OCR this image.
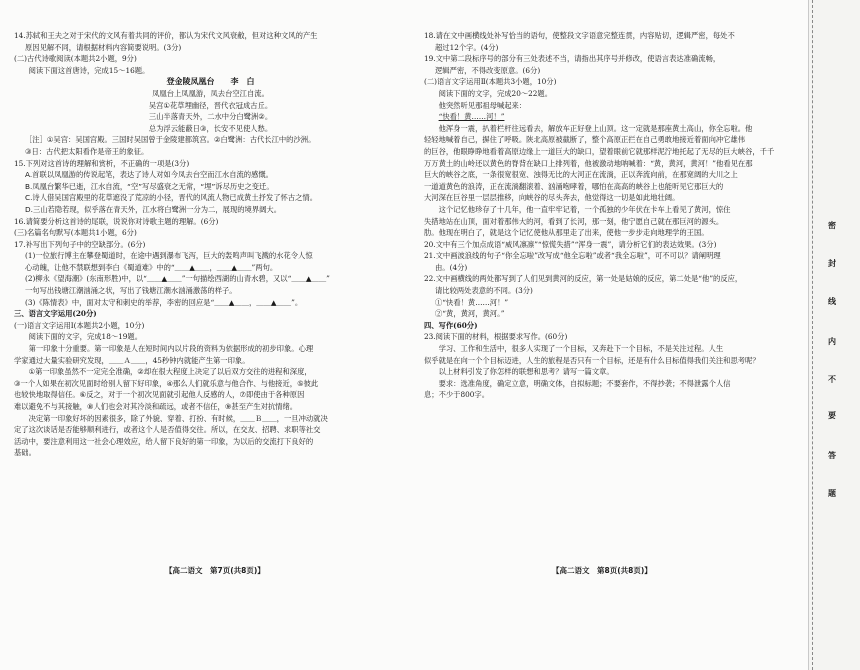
14.苏轼和王夫之对于宋代的文风有着共同的评价，都认为宋代文风衰敝，但对这种文风的产生

原因见解不同，请根据材料内容简要说明。(3分)

(二)古代诗歌阅读(本题共2小题，9分)

阅读下面这首唐诗，完成15～16题。

登金陵凤凰台　　李　白

凤凰台上凤凰游，凤去台空江自流。

吴宫①花草埋幽径，晋代衣冠成古丘。

三山半落青天外，二水中分白鹭洲②。

总为浮云能蔽日③，长安不见使人愁。

［注］①吴宫：吴国宫殿。三国时吴国曾于金陵建都筑宫。②白鹭洲：古代长江中的沙洲。

③日：古代把太阳看作是帝王的象征。

15.下列对这首诗的理解和赏析，不正确的一项是(3分)

A.首联以凤凰游的传说起笔，表达了诗人对如今凤去台空而江水自流的感慨。

B.凤凰台繁华已逝，江水自流，“空”写尽盛衰之无常，“埋”诉尽历史之变迁。

C.诗人借吴国宫殿里的花草遮没了荒凉的小径，晋代的风流人物已成黄土抒发了怀古之情。

D.三山若隐若现，似乎落在青天外，江水将白鹭洲一分为二，展现的境界阔大。

16.请简要分析这首诗的尾联，说说你对诗歌主题的理解。(6分)

(三)名篇名句默写(本题共1小题，6分)

17.补写出下列句子中的空缺部分。(6分)

(1)一位旅行博主在攀登蜀道时，在途中遇到瀑布飞泻，巨大的轰鸣声叫飞溅的水花令人惊

心动魄，让他不禁联想到李白《蜀道难》中的“＿＿▲＿＿，＿＿▲＿＿”两句。

(2)柳永《望海潮》(东南形胜)中，以“＿＿▲＿＿”一句描绘西湖的山青水碧，又以“＿＿▲＿＿”

一句写出钱塘江潮汹涌之状，写出了钱塘江潮水汹涌激荡的样子。

(3)《陈情表》中，面对太守和刺史的举荐，李密的回应是“＿＿▲＿＿，＿＿▲＿＿”。

三、语言文字运用(20分)

(一)语言文字运用Ⅰ(本题共2小题，10分)

阅读下面的文字，完成18～19题。

第一印象十分重要。第一印象是人在短时间内以片段的资料为依据形成的初步印象。心理

学家通过大量实验研究发现，＿＿Ａ＿＿，45秒钟内就能产生第一印象。

①第一印象虽然不一定完全准确，②却在很大程度上决定了以后双方交往的进程和深度，

③一个人如果在初次见面时给别人留下好印象，④那么人们就乐意与他合作、与他接近，⑤彼此

也较快地取得信任。⑥反之，对于一个初次见面就引起他人反感的人，⑦即使由于各种原因

难以避免不与其接触，⑧人们也会对其冷淡和疏远，或者不信任，⑨甚至产生对抗情绪。

决定第一印象好坏的因素很多，除了外貌、穿着、打扮、有时候，＿＿Ｂ＿＿，一旦冲动就决

定了这次谈话是否能够顺利进行，或者这个人是否值得交往。所以，在交友、招聘、求职等社交

活动中，要注意利用这一社会心理效应，给人留下良好的第一印象，为以后的交流打下良好的

基础。

18.请在文中画横线处补写恰当的语句，使整段文字语意完整连贯，内容贴切，逻辑严密，每处不

超过12个字。(4分)

19.文中第二段标序号的部分有三处表述不当，请指出其序号并修改，使语言表达准确流畅，

逻辑严密，不得改变原意。(6分)

(二)语言文字运用Ⅱ(本题共3小题，10分)

阅读下面的文字，完成20～22题。

他突然听见那祖母喊起来：

“快看！黄……河！”

他浑身一震，扒着栏杆往远看去，解放车正好登上山顶。这一定就是那座黄土高山，你全忘啦。他

轻轻地喊着自己，摒住了呼吸。陕北高原被截断了，整个高原正拦在自己勇敢地接近着面向冲它雄伟

的巨谷，他眼睁睁地看着高原边缘上一道巨大的缺口，望着眼前它就那样泥泞地托起了无尽的巨大峡谷，千千

万万黄土的山岭还以黄色的脊背在缺口上排列着，他被激动地呐喊着：“黄，黄河，黄河！”他看见在那

巨大的峡谷之底，一条很宽很宽、浊得无比的大河正在流淌，正以奔流向前，在那宽阔的大川之上

一道道黄色的浪涛，正在流淌翻滚着、汹涌咆哮着，哪怕在高高的峡谷上也能听见它那巨大的

大河深在巨谷里一层层推移，向峡谷的尽头奔去，他觉得这一切是如此地壮阔。

这个记忆他珍存了十几年，他一直牢牢记着，一个孤独的少年伏在卡车上看见了黄河，惊住

失措地站在山顶，面对着那伟大的河，看到了长河，那一刻，他宁愿自己就在那巨河的源头。

肋。他现在明白了，就是这个记忆使他从那里走了出来，使他一步步走向地理学的王国。

20.文中有三个加点成语“威风凛凛”“惊慌失措”“浑身一震”，请分析它们的表达效果。(3分)

21.文中画波浪线的句子“你全忘啦”改写成“他全忘啦”或者“我全忘啦”，可不可以？请阐明理

由。(4分)

22.文中画横线的两处都写到了人们见到黄河的反应，第一处是姑娘的反应，第二处是“他”的反应，

请比较两处表意的不同。(3分)

①“快看！黄……河！”

②“黄，黄河，黄河。”

四、写作(60分)

23.阅读下面的材料，根据要求写作。(60分)

学习、工作和生活中，很多人实现了一个目标，又奔赴下一个目标，不是关注过程。人生

似乎就是在向一个个目标迈进，人生的旅程是否只有一个目标，还是有什么目标值得我们关注和思考呢？

以上材料引发了你怎样的联想和思考？请写一篇文章。

要求：选准角度，确定立意，明确文体，自拟标题；不要套作，不得抄袭；不得泄露个人信

息；不少于800字。

【高二语文　第7页(共8页)】	【高二语文　第8页(共8页)】
密
封
线
内
不
要
答
题
